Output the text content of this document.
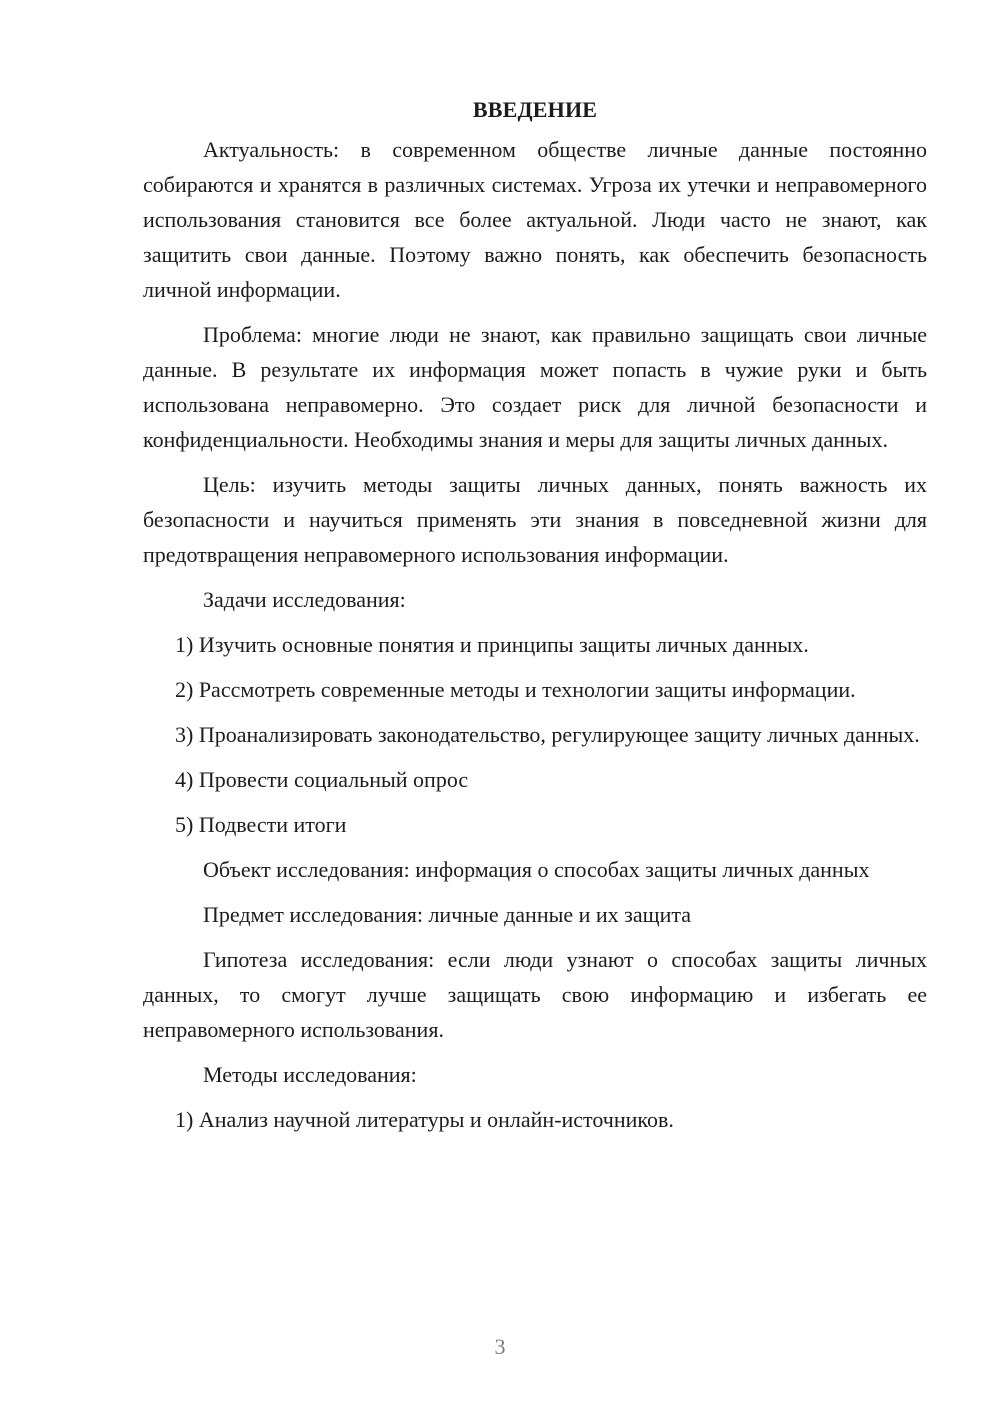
ВВЕДЕНИЕ

Актуальность: в современном обществе личные данные постоянно собираются и хранятся в различных системах. Угроза их утечки и неправомерного использования становится все более актуальной. Люди часто не знают, как защитить свои данные. Поэтому важно понять, как обеспечить безопасность личной информации.

Проблема: многие люди не знают, как правильно защищать свои личные данные. В результате их информация может попасть в чужие руки и быть использована неправомерно. Это создает риск для личной безопасности и конфиденциальности. Необходимы знания и меры для защиты личных данных.

Цель: изучить методы защиты личных данных, понять важность их безопасности и научиться применять эти знания в повседневной жизни для предотвращения неправомерного использования информации.

Задачи исследования:

1) Изучить основные понятия и принципы защиты личных данных.

2) Рассмотреть современные методы и технологии защиты информации.

3) Проанализировать законодательство, регулирующее защиту личных данных.

4) Провести социальный опрос

5) Подвести итоги

Объект исследования: информация о способах защиты личных данных

Предмет исследования: личные данные и их защита

Гипотеза исследования: если люди узнают о способах защиты личных данных, то смогут лучше защищать свою информацию и избегать ее неправомерного использования.

Методы исследования:

1) Анализ научной литературы и онлайн-источников.

3
